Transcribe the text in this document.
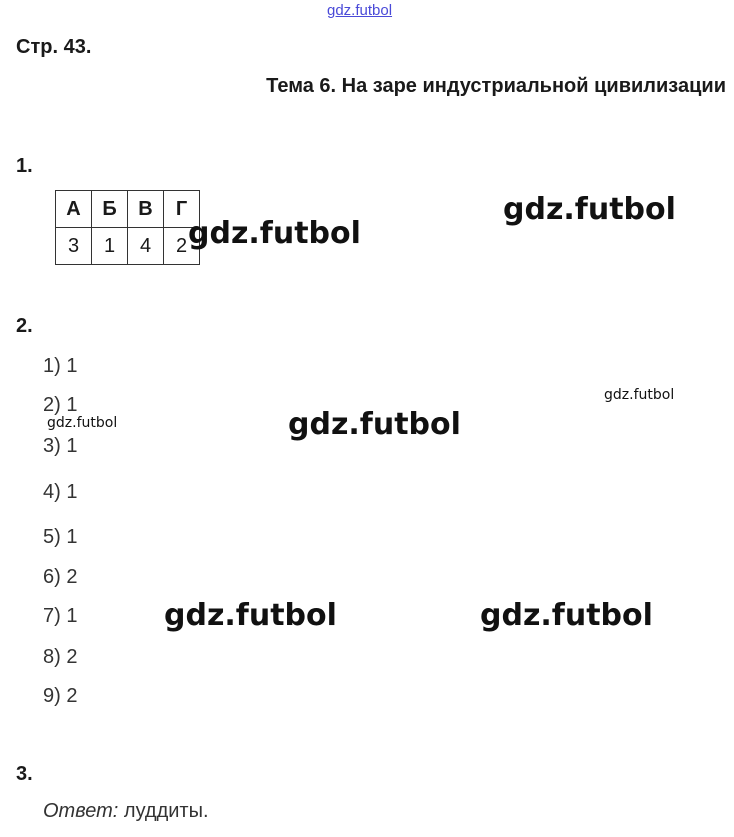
gdz.futbol
Стр. 43.
Тема 6. На заре индустриальной цивилизации
1.
А	Б	В	Г
3	1	4	2
2.
1) 1
2) 1
3) 1
4) 1
5) 1
6) 2
7) 1
8) 2
9) 2
3.
Ответ: луддиты.
gdz.futbol
gdz.futbol
gdz.futbol
gdz.futbol	gdz.futbol
gdz.futbol	gdz.futbol
